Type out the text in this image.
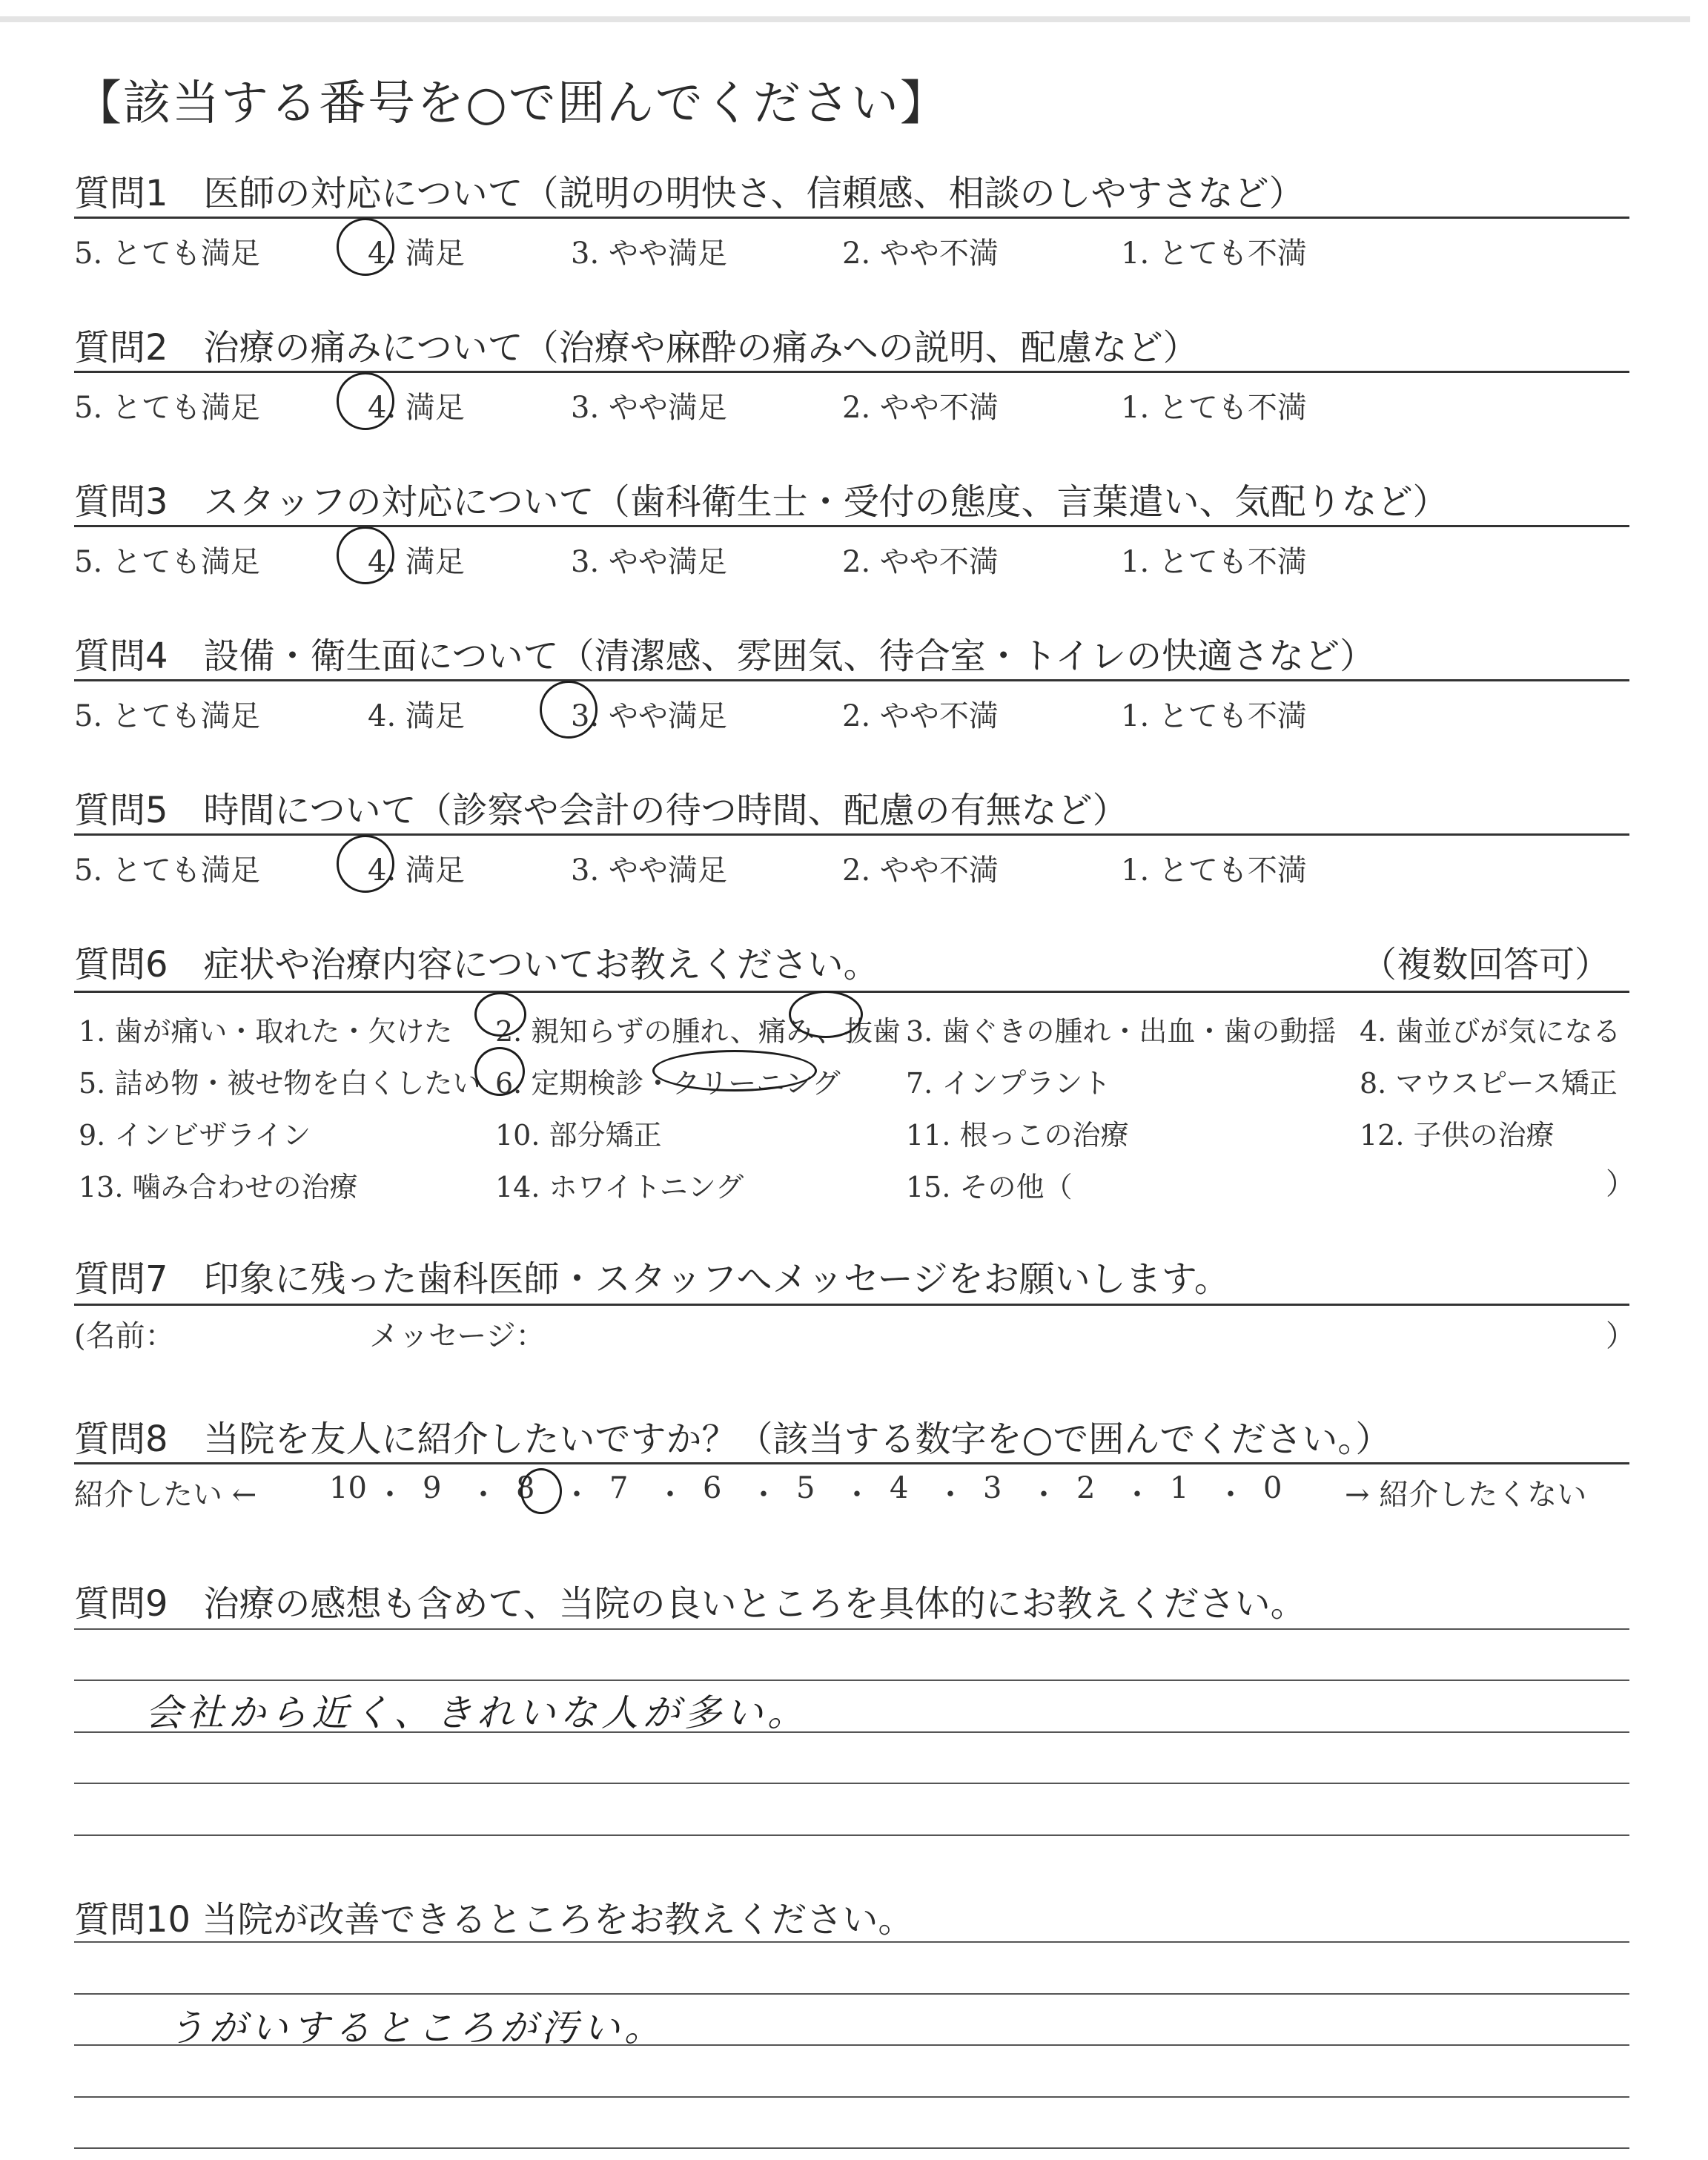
【該当する番号を○で囲んでください】
質問1　医師の対応について（説明の明快さ、信頼感、相談のしやすさなど）
5. とても満足	4. 満足	3. やや満足	2. やや不満	1. とても不満
質問2　治療の痛みについて（治療や麻酔の痛みへの説明、配慮など）
5. とても満足	4. 満足	3. やや満足	2. やや不満	1. とても不満
質問3　スタッフの対応について（歯科衛生士・受付の態度、言葉遣い、気配りなど）
5. とても満足	4. 満足	3. やや満足	2. やや不満	1. とても不満
質問4　設備・衛生面について（清潔感、雰囲気、待合室・トイレの快適さなど）
5. とても満足	4. 満足	3. やや満足	2. やや不満	1. とても不満
質問5　時間について（診察や会計の待つ時間、配慮の有無など）
5. とても満足	4. 満足	3. やや満足	2. やや不満	1. とても不満
質問6　症状や治療内容についてお教えください。	（複数回答可）
1. 歯が痛い・取れた・欠けた 2. 親知らずの腫れ、痛み、抜歯 3. 歯ぐきの腫れ・出血・歯の動揺 4. 歯並びが気になる
5. 詰め物・被せ物を白くしたい 6. 定期検診・クリーニング 7. インプラント	8. マウスピース矯正
9. インビザライン	10. 部分矯正	11. 根っこの治療	12. 子供の治療
13. 噛み合わせの治療	14. ホワイトニング	15. その他（	）
質問7　印象に残った歯科医師・スタッフへメッセージをお願いします。
(名前：	メッセージ：	）
質問8　当院を友人に紹介したいですか？（該当する数字を○で囲んでください。）
紹介したい ← 10 ・ 9 ・ 8 ・ 7 ・ 6 ・ 5 ・ 4 ・ 3 ・ 2 ・ 1 ・ 0 → 紹介したくない
質問9　治療の感想も含めて、当院の良いところを具体的にお教えください。
会社から近く、きれいな人が多い。
質問10 当院が改善できるところをお教えください。
うがいするところが汚い。
